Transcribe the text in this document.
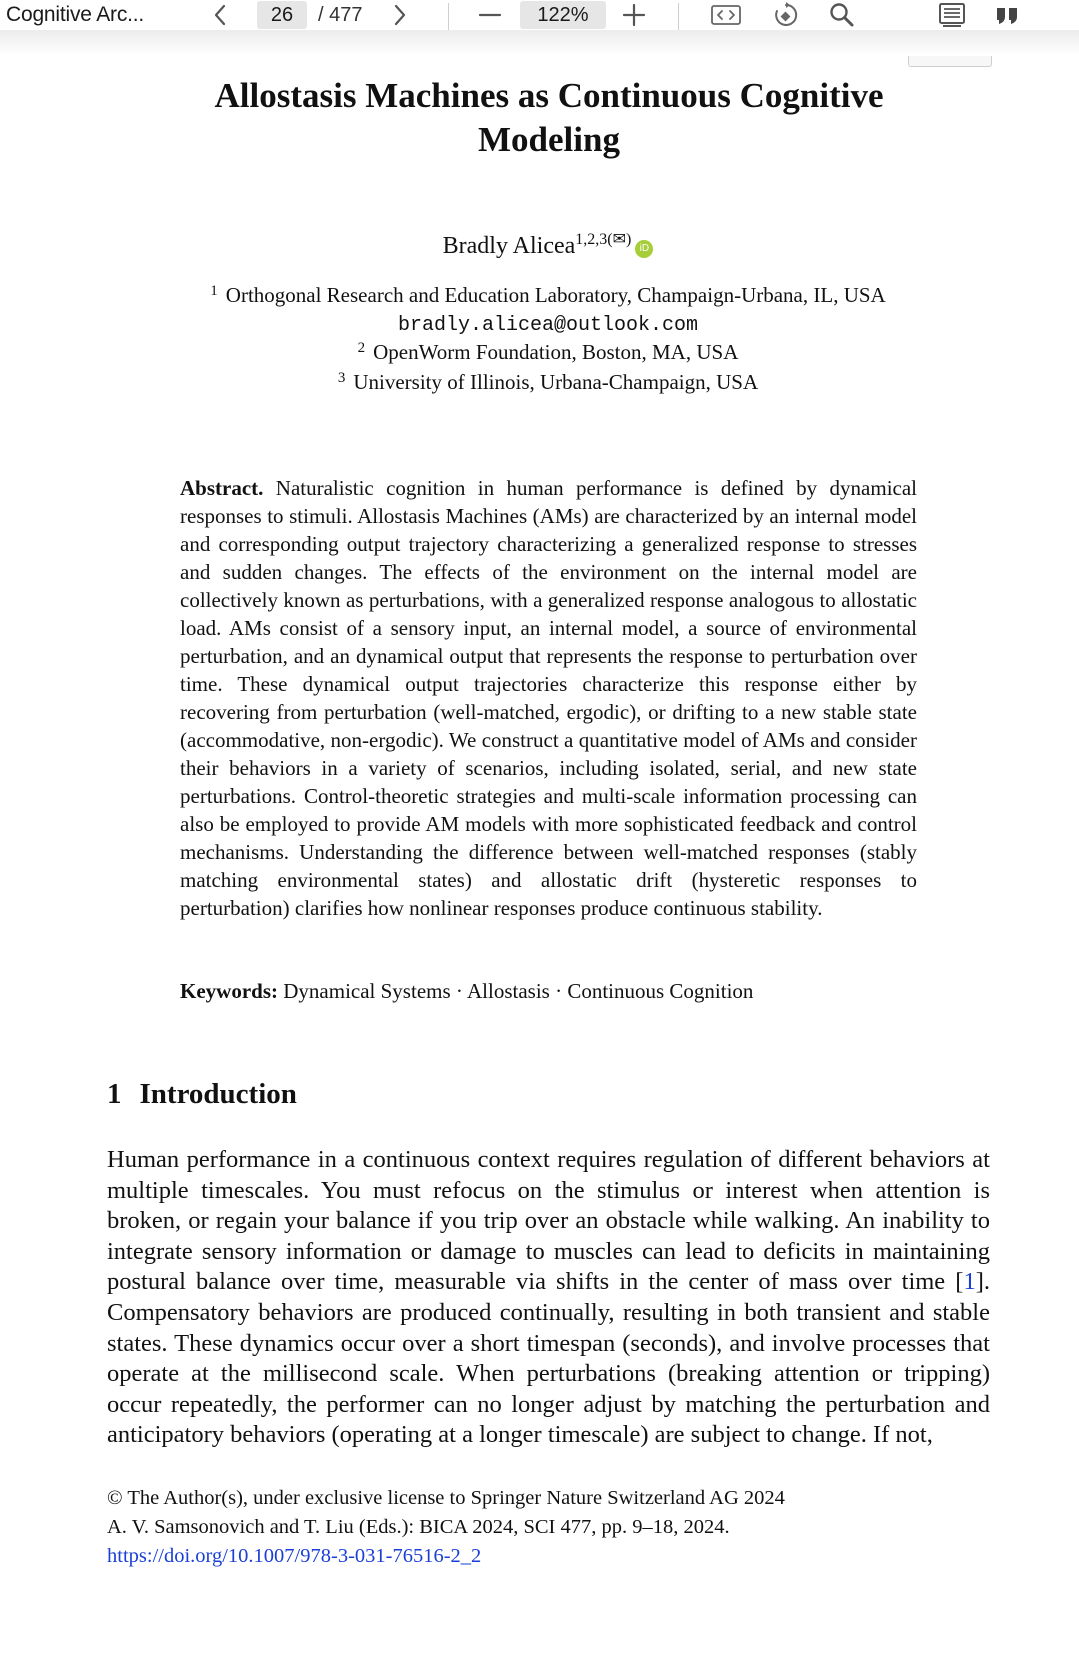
Cognitive Arc...	26	/ 477	122%
Allostasis Machines as Continuous Cognitive Modeling
Bradly Alicea$^{1,2,3(✉)}$iD
$^1$ Orthogonal Research and Education Laboratory, Champaign-Urbana, IL, USA
bradly.alicea@outlook.com
$^2$ OpenWorm Foundation, Boston, MA, USA
$^3$ University of Illinois, Urbana-Champaign, USA
Abstract. Naturalistic cognition in human performance is defined by dynamical responses to stimuli. Allostasis Machines (AMs) are characterized by an internal model and corresponding output trajectory characterizing a generalized response to stresses and sudden changes. The effects of the environment on the internal model are collectively known as perturbations, with a generalized response analogous to allostatic load. AMs consist of a sensory input, an internal model, a source of environmental perturbation, and an dynamical output that represents the response to perturbation over time. These dynamical output trajectories characterize this response either by recovering from perturbation (well-matched, ergodic), or drifting to a new stable state (accommodative, non-ergodic). We construct a quantitative model of AMs and consider their behaviors in a variety of scenarios, including isolated, serial, and new state perturbations. Control-theoretic strategies and multi-scale information processing can also be employed to provide AM models with more sophisticated feedback and control mechanisms. Understanding the difference between well-matched responses (stably matching environmental states) and allostatic drift (hysteretic responses to perturbation) clarifies how nonlinear responses produce continuous stability.
Keywords: Dynamical Systems · Allostasis · Continuous Cognition
1 Introduction
Human performance in a continuous context requires regulation of different behaviors at multiple timescales. You must refocus on the stimulus or interest when attention is broken, or regain your balance if you trip over an obstacle while walking. An inability to integrate sensory information or damage to muscles can lead to deficits in maintaining postural balance over time, measurable via shifts in the center of mass over time [1]. Compensatory behaviors are produced continually, resulting in both transient and stable states. These dynamics occur over a short timespan (seconds), and involve processes that operate at the millisecond scale. When perturbations (breaking attention or tripping) occur repeatedly, the performer can no longer adjust by matching the perturbation and anticipatory behaviors (operating at a longer timescale) are subject to change. If not,
© The Author(s), under exclusive license to Springer Nature Switzerland AG 2024
A. V. Samsonovich and T. Liu (Eds.): BICA 2024, SCI 477, pp. 9–18, 2024.
https://doi.org/10.1007/978-3-031-76516-2_2
